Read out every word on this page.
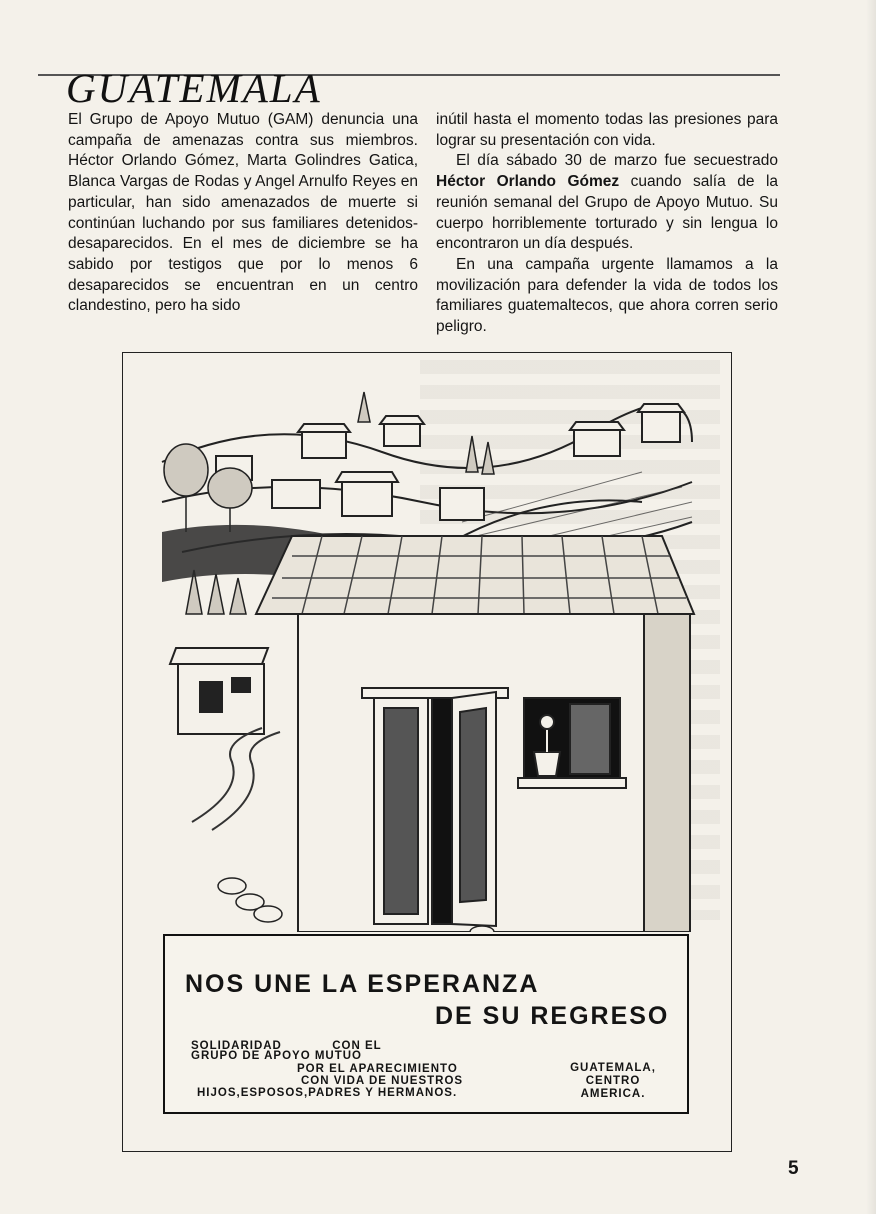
GUATEMALA

El Grupo de Apoyo Mutuo (GAM) denuncia una campaña de amenazas contra sus miembros. Héctor Orlando Gómez, Marta Golindres Gatica, Blanca Vargas de Rodas y Angel Arnulfo Reyes en particular, han sido amenazados de muerte si continúan luchando por sus familiares detenidos-desaparecidos. En el mes de diciembre se ha sabido por testigos que por lo menos 6 desaparecidos se encuentran en un centro clandestino, pero ha sido

inútil hasta el momento todas las presiones para lograr su presentación con vida.

El día sábado 30 de marzo fue secuestrado Héctor Orlando Gómez cuando salía de la reunión semanal del Grupo de Apoyo Mutuo. Su cuerpo horriblemente torturado y sin lengua lo encontraron un día después.

En una campaña urgente llamamos a la movilización para defender la vida de todos los familiares guatemaltecos, que ahora corren serio peligro.

NOS UNE LA ESPERANZA
DE SU REGRESO
SOLIDARIDAD            CON EL
GRUPO DE APOYO MUTUO
POR EL APARECIMIENTO
CON VIDA DE NUESTROS
HIJOS,ESPOSOS,PADRES Y HERMANOS.
GUATEMALA,
CENTRO
AMERICA.
5
